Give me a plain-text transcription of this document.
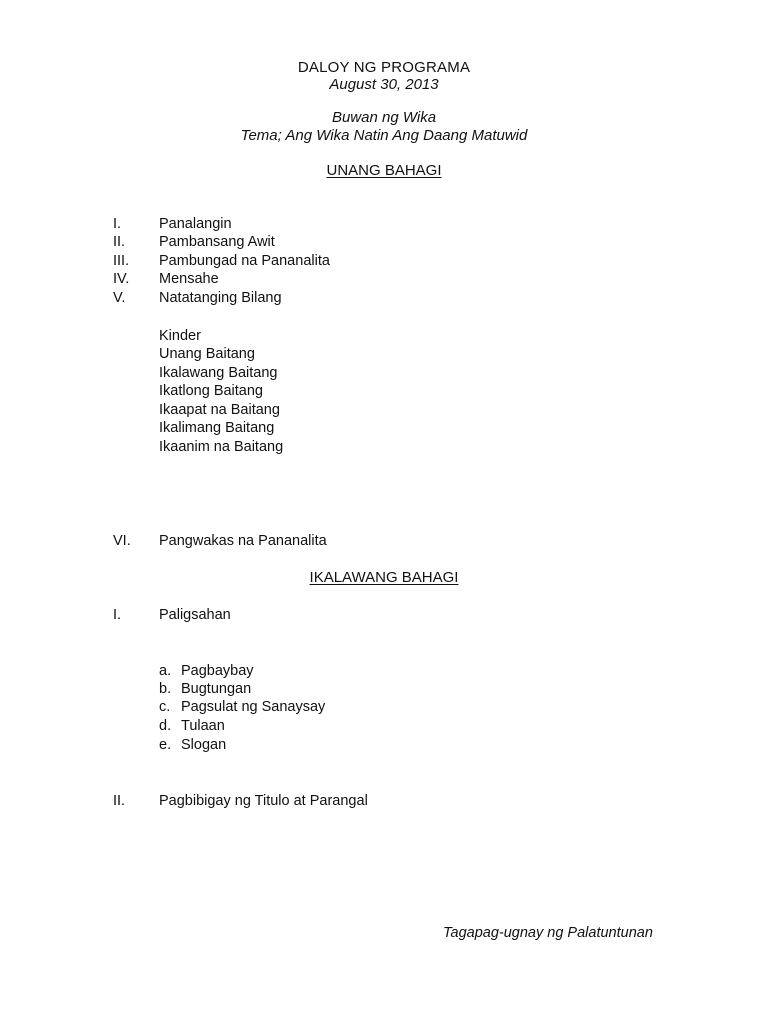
DALOY NG PROGRAMA
August 30, 2013
Buwan ng Wika
Tema; Ang Wika Natin Ang Daang Matuwid
UNANG BAHAGI
I.	Panalangin
II. Pambansang Awit
III. Pambungad na Pananalita
IV. Mensahe
V. Natatanging Bilang
Kinder
Unang Baitang
Ikalawang Baitang
Ikatlong Baitang
Ikaapat na Baitang
Ikalimang Baitang
Ikaanim na Baitang
VI. Pangwakas na Pananalita
IKALAWANG BAHAGI
I.	Paligsahan
a. Pagbaybay
b. Bugtungan
c. Pagsulat ng Sanaysay
d. Tulaan
e. Slogan
II. Pagbibigay ng Titulo at Parangal
Tagapag-ugnay ng Palatuntunan
